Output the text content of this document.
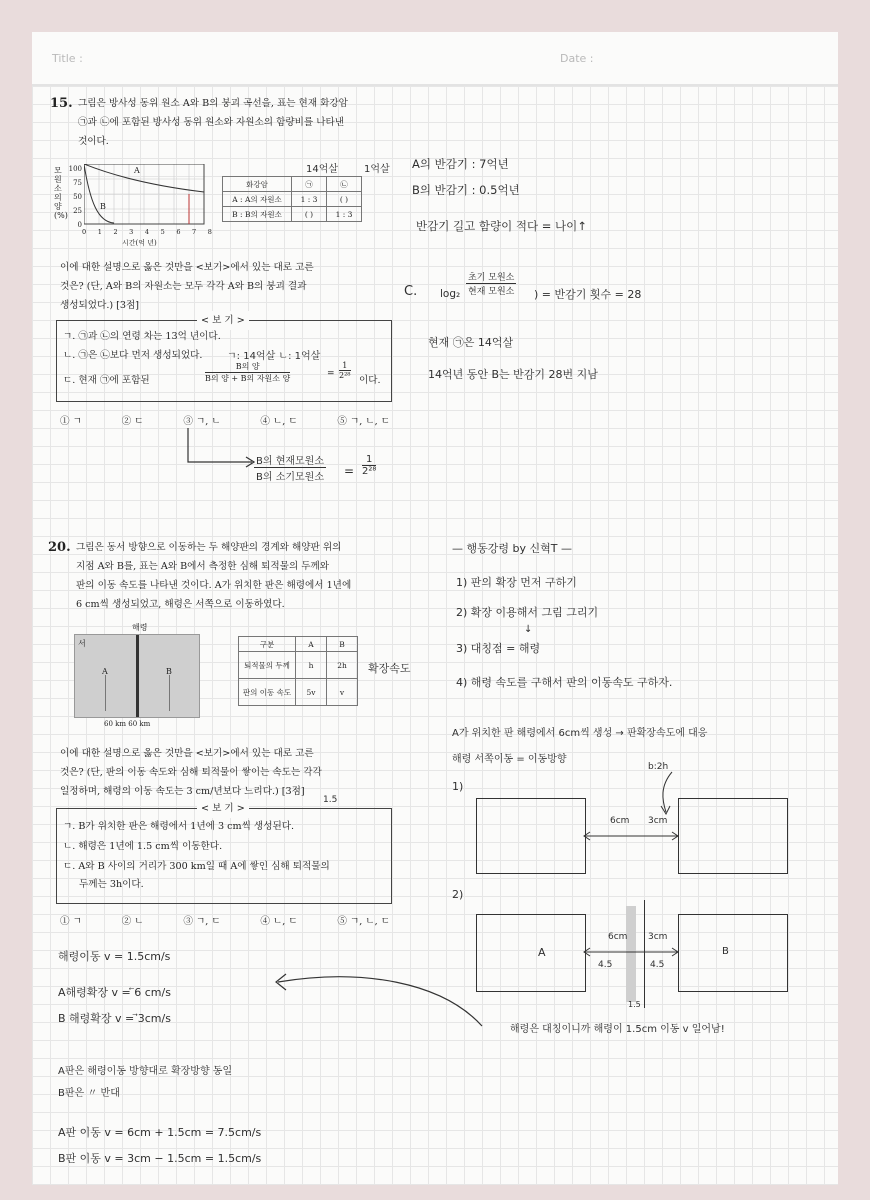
Title :	Date :
15. 그림은 방사성 동위 원소 A와 B의 붕괴 곡선을, 표는 현재 화강암
㉠과 ㉡에 포함된 방사성 동위 원소와 자원소의 함량비를 나타낸
것이다.
모
원
소
의
양
(%)
100
75
50
25
0
A
B
0 1 2 3 4 5 6 7 8
시간(억 년)
14억살	1억살
화강암	㉠	㉡
A : A의 자원소	1 : 3	( )
B : B의 자원소	( )	1 : 3
이에 대한 설명으로 옳은 것만을 <보기>에서 있는 대로 고른
것은? (단, A와 B의 자원소는 모두 각각 A와 B의 붕괴 결과
생성되었다.) [3점]
< 보 기 >
ㄱ. ㉠과 ㉡의 연령 차는 13억 년이다.
ㄴ. ㉠은 ㉡보다 먼저 생성되었다. ㄱ: 14억살 ㄴ: 1억살
ㄷ. 현재 ㉠에 포함된
B의 양
B의 양 + B의 자원소 양	=
1
2²⁸ 이다.
① ㄱ	② ㄷ	③ ㄱ, ㄴ	④ ㄴ, ㄷ	⑤ ㄱ, ㄴ, ㄷ
B의 현재모원소
B의 소기모원소 =
1
2²⁸
A의 반감기 : 7억년
B의 반감기 : 0.5억년
반감기 길고 함량이 적다 = 나이↑
C. log₂
초기 모원소
현재 모원소 ) = 반감기 횟수 = 28
현재 ㉠은 14억살
14억년 동안 B는 반감기 28번 지남
20. 그림은 동서 방향으로 이동하는 두 해양판의 경계와 해양판 위의
지점 A와 B를, 표는 A와 B에서 측정한 심해 퇴적물의 두께와
판의 이동 속도를 나타낸 것이다. A가 위치한 판은 해령에서 1년에
6 cm씩 생성되었고, 해령은 서쪽으로 이동하였다.
해령
서
A	B
60 km 60 km
구분	A	B
퇴적물의 두께	h	2h
판의 이동 속도	5v	v
확장속도
이에 대한 설명으로 옳은 것만을 <보기>에서 있는 대로 고른
것은? (단, 판의 이동 속도와 심해 퇴적물이 쌓이는 속도는 각각
일정하며, 해령의 이동 속도는 3 cm/년보다 느리다.) [3점]
< 보 기 >
1.5
ㄱ. B가 위치한 판은 해령에서 1년에 3 cm씩 생성된다.
ㄴ. 해령은 1년에 1.5 cm씩 이동한다.
ㄷ. A와 B 사이의 거리가 300 km일 때 A에 쌓인 심해 퇴적물의
두께는 3h이다.
① ㄱ	② ㄴ	③ ㄱ, ㄷ	④ ㄴ, ㄷ	⑤ ㄱ, ㄴ, ㄷ
해령이동 v = 1.5cm/s
A해령확장 v = ⃖6 cm/s
B 해령확장 v = ⃗3cm/s
A판은 해령이동 방향대로 확장방향 동일
B판은 〃 반대
A판 이동 v = 6cm + 1.5cm = 7.5cm/s
B판 이동 v = 3cm − 1.5cm = 1.5cm/s
— 행동강령 by 신혁T —
1) 판의 확장 먼저 구하기
2) 확장 이용해서 그림 그리기
↓
3) 대칭점 = 해령
4) 해령 속도를 구해서 판의 이동속도 구하자.
A가 위치한 판 해령에서 6cm씩 생성 → 판확장속도에 대응
해령 서쪽이동 = 이동방향
1)
b:2h
6cm 3cm
2)
A	B
6cm 3cm
4.5	4.5
1.5
해령은 대칭이니까 해령이 1.5cm 이동 v 일어남!
